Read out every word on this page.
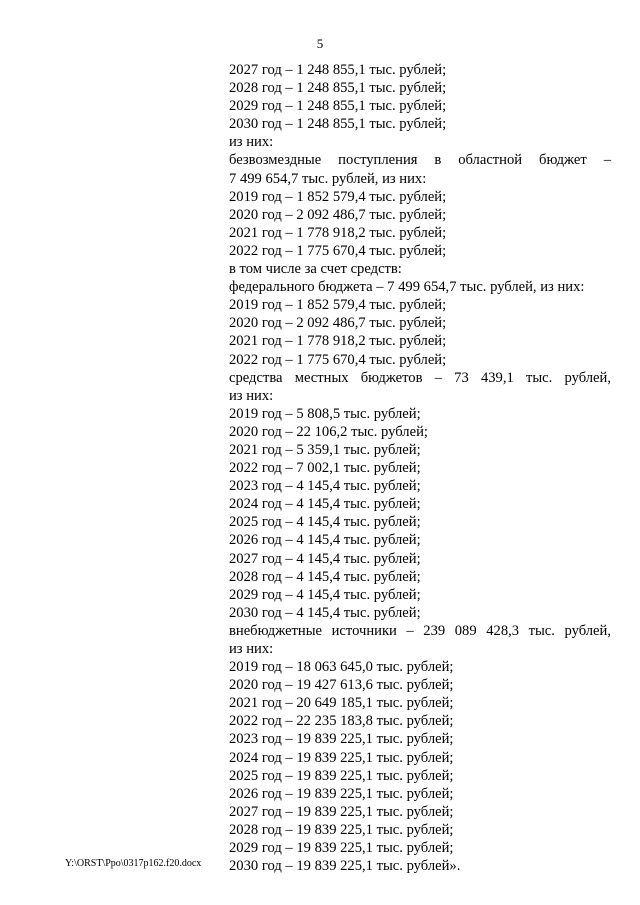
5
2027 год – 1 248 855,1 тыс. рублей;
2028 год – 1 248 855,1 тыс. рублей;
2029 год – 1 248 855,1 тыс. рублей;
2030 год – 1 248 855,1 тыс. рублей;
из них:
безвозмездные поступления в областной бюджет –
7 499 654,7 тыс. рублей, из них:
2019 год – 1 852 579,4 тыс. рублей;
2020 год – 2 092 486,7 тыс. рублей;
2021 год – 1 778 918,2 тыс. рублей;
2022 год – 1 775 670,4 тыс. рублей;
в том числе за счет средств:
федерального бюджета – 7 499 654,7 тыс. рублей, из них:
2019 год – 1 852 579,4 тыс. рублей;
2020 год – 2 092 486,7 тыс. рублей;
2021 год – 1 778 918,2 тыс. рублей;
2022 год – 1 775 670,4 тыс. рублей;
средства местных бюджетов – 73 439,1 тыс. рублей,
из них:
2019 год – 5 808,5 тыс. рублей;
2020 год – 22 106,2 тыс. рублей;
2021 год – 5 359,1 тыс. рублей;
2022 год – 7 002,1 тыс. рублей;
2023 год – 4 145,4 тыс. рублей;
2024 год – 4 145,4 тыс. рублей;
2025 год – 4 145,4 тыс. рублей;
2026 год – 4 145,4 тыс. рублей;
2027 год – 4 145,4 тыс. рублей;
2028 год – 4 145,4 тыс. рублей;
2029 год – 4 145,4 тыс. рублей;
2030 год – 4 145,4 тыс. рублей;
внебюджетные источники – 239 089 428,3 тыс. рублей,
из них:
2019 год – 18 063 645,0 тыс. рублей;
2020 год – 19 427 613,6 тыс. рублей;
2021 год – 20 649 185,1 тыс. рублей;
2022 год – 22 235 183,8 тыс. рублей;
2023 год – 19 839 225,1 тыс. рублей;
2024 год – 19 839 225,1 тыс. рублей;
2025 год – 19 839 225,1 тыс. рублей;
2026 год – 19 839 225,1 тыс. рублей;
2027 год – 19 839 225,1 тыс. рублей;
2028 год – 19 839 225,1 тыс. рублей;
2029 год – 19 839 225,1 тыс. рублей;
2030 год – 19 839 225,1 тыс. рублей».
Y:\ORST\Ppo\0317p162.f20.docx
